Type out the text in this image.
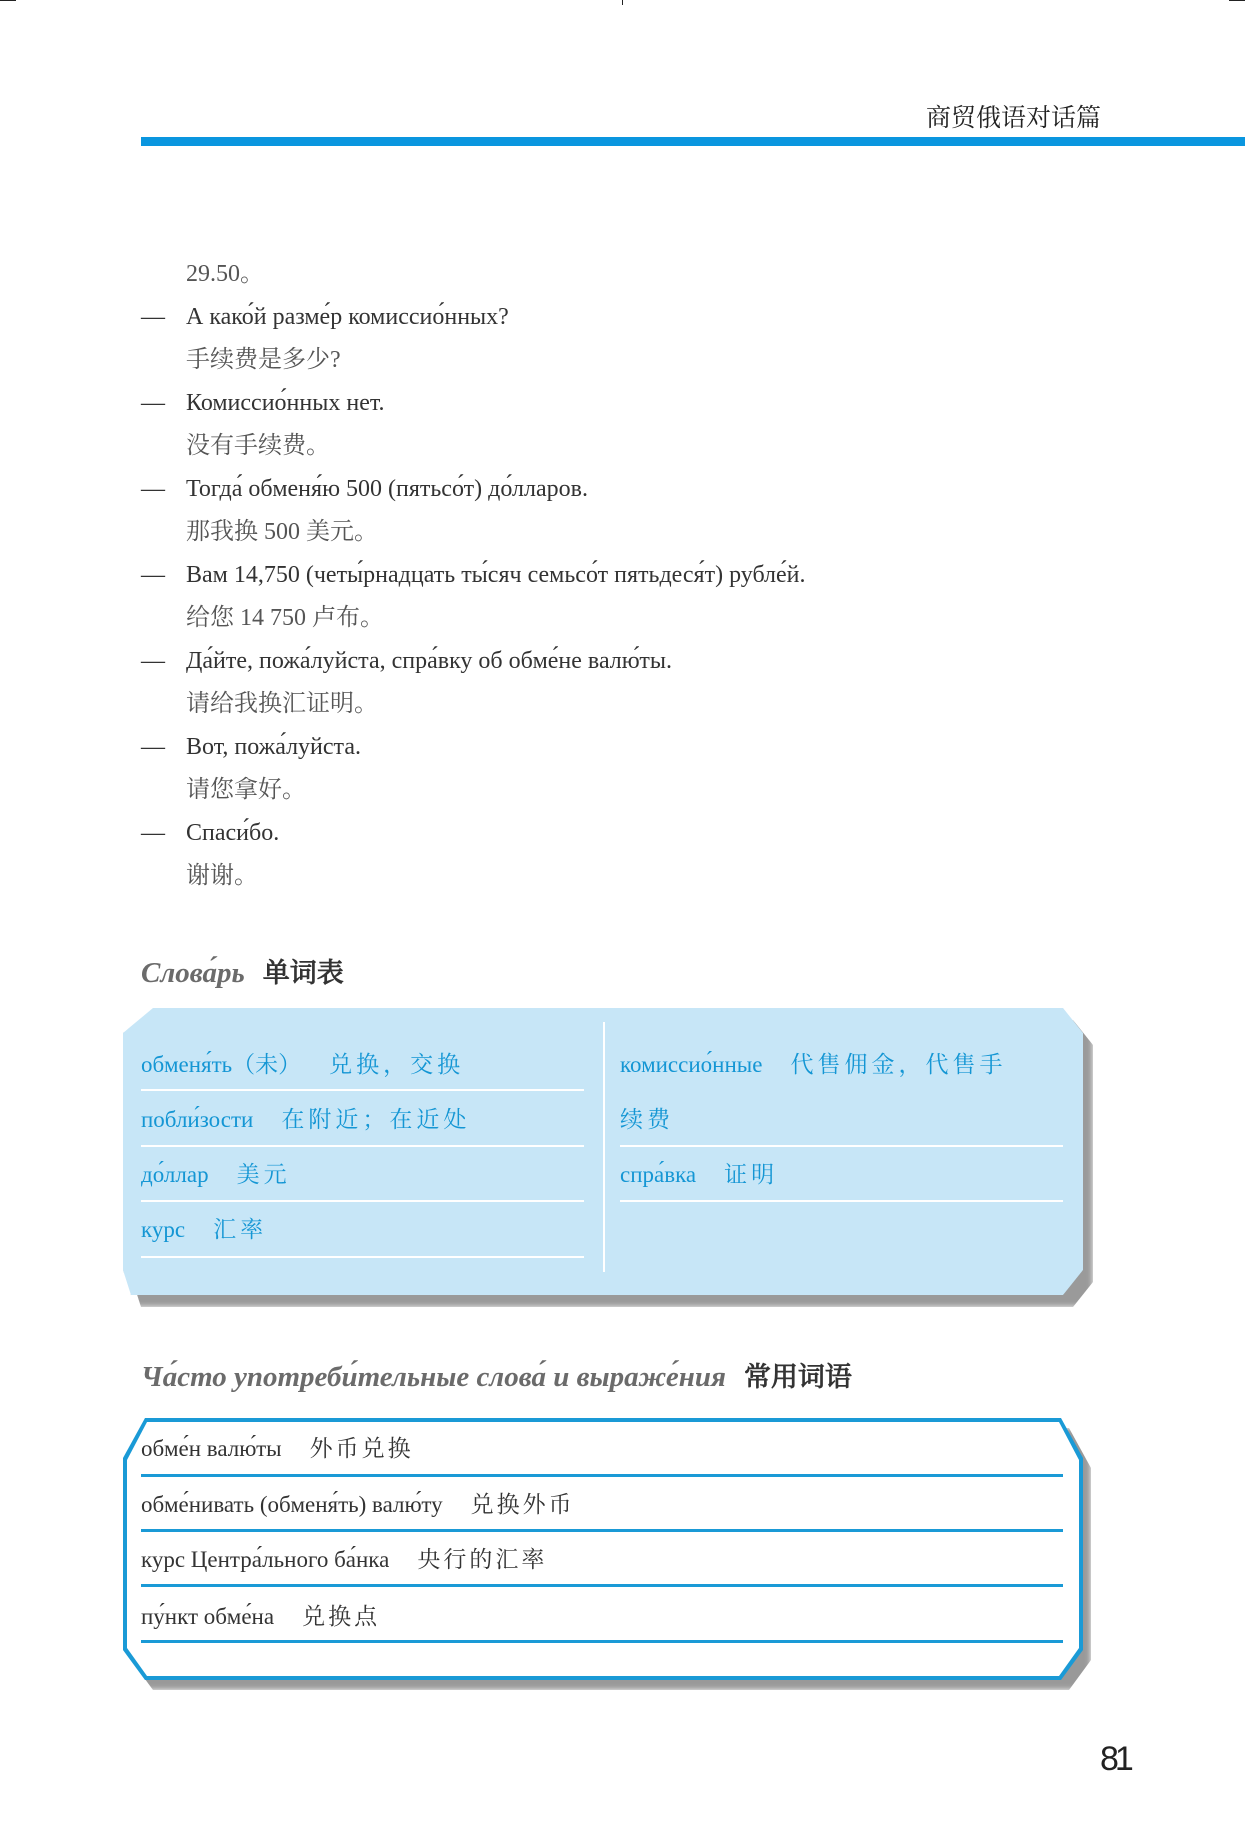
商贸俄语对话篇
29.50。
— А како́й разме́р комиссио́нных?
手续费是多少?
— Комиссио́нных нет.
没有手续费。
— Тогда́ обменя́ю 500 (пятьсо́т) до́лларов.
那我换 500 美元。
— Вам 14,750 (четы́рнадцать ты́сяч семьсо́т пятьдеся́т) рубле́й.
给您 14 750 卢布。
— Да́йте, пожа́луйста, спра́вку об обме́не валю́ты.
请给我换汇证明。
— Вот, пожа́луйста.
请您拿好。
— Спаси́бо.
谢谢。
Слова́рь 单词表
обменя́ть（未） 兑换，交换
побли́зости 在附近；在近处
до́ллар 美元
курс 汇率
комиссио́нные 代售佣金，代售手
续费
спра́вка 证明
Ча́сто употреби́тельные слова́ и выраже́ния 常用词语
обме́н валю́ты 外币兑换
обме́нивать (обменя́ть) валю́ту 兑换外币
курс Центра́льного ба́нка 央行的汇率
пу́нкт обме́на 兑换点
81
